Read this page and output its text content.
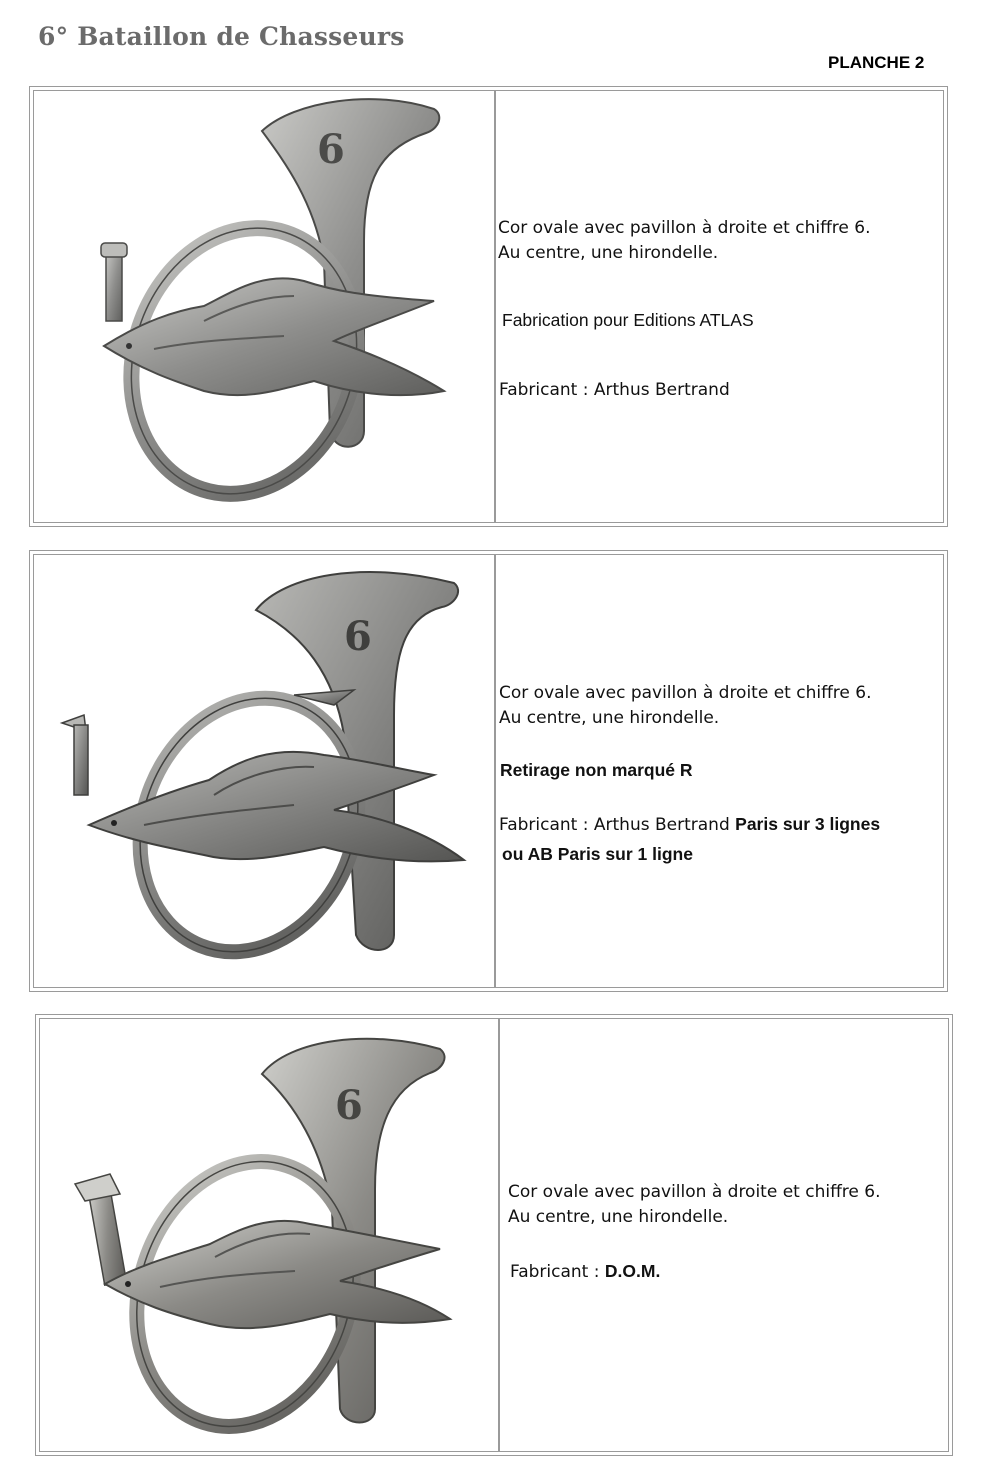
6° Bataillon de Chasseurs
PLANCHE 2
6
Cor ovale avec pavillon à droite et chiffre 6.
Au centre, une hirondelle.
Fabrication pour Editions ATLAS
Fabricant : Arthus Bertrand
6
Cor ovale avec pavillon à droite et chiffre 6.
Au centre, une hirondelle.
Retirage non marqué R
Fabricant : Arthus Bertrand Paris sur 3 lignes
ou AB Paris sur 1 ligne
6
Cor ovale avec pavillon à droite et chiffre 6.
Au centre, une hirondelle.
Fabricant : D.O.M.
